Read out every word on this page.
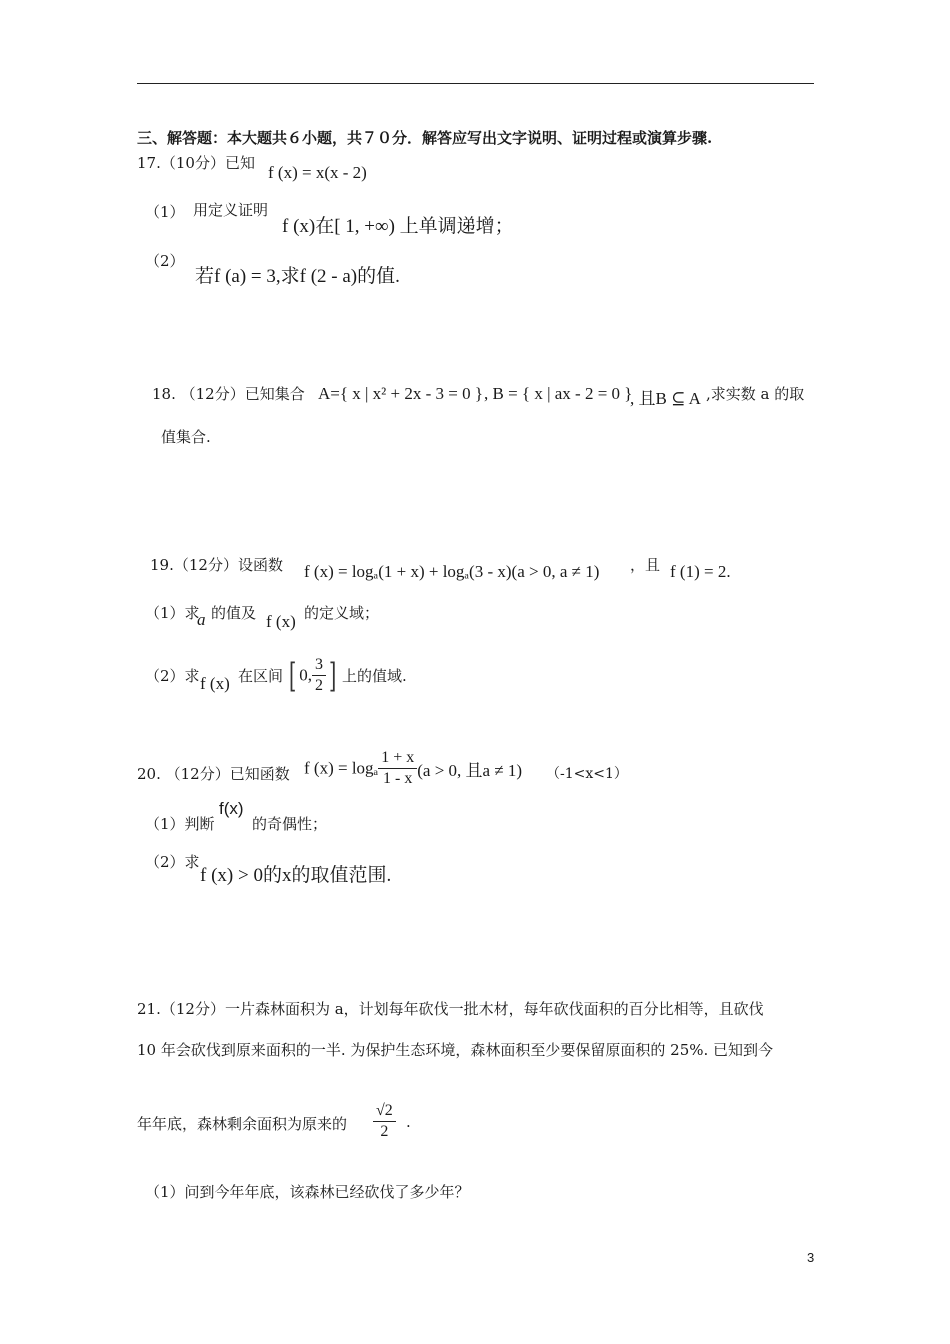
三、解答题：本大题共６小题，共７０分．解答应写出文字说明、证明过程或演算步骤.
17.（10分）已知 f (x) = x(x - 2)
（1） 用定义证明
f (x)在[ 1, +∞) 上单调递增；
（2）
若f (a) = 3,求f (2 - a)的值.
18. （12分）已知集合 A={ x | x² + 2x - 3 = 0 } , B = { x | ax - 2 = 0 }
, 且B ⊆ A ,求实数 a 的取
值集合.
19.（12分）设函数 f (x) = logₐ(1 + x) + logₐ(3 - x)(a > 0, a ≠ 1) ，且 f (1) = 2.
（1）求
a 的值及 f (x) 的定义域；
（2）求 f (x) 在区间 [ 0, $\frac{3}{2}$ ] 上的值域.
20. （12分）已知函数 f (x) = logₐ $\frac{1 + x}{1 - x} (a > 0$, 且a ≠ 1) （-1<x<1）
（1）判断
f(x)
的奇偶性；
（2）求
f (x) > 0的x的取值范围.
21.（12分）一片森林面积为 a，计划每年砍伐一批木材，每年砍伐面积的百分比相等，且砍伐
10 年会砍伐到原来面积的一半. 为保护生态环境，森林面积至少要保留原面积的 25%. 已知到今
年年底，森林剩余面积为原来的 $\frac{√2}{2}$ .
（1）问到今年年底，该森林已经砍伐了多少年？
3
